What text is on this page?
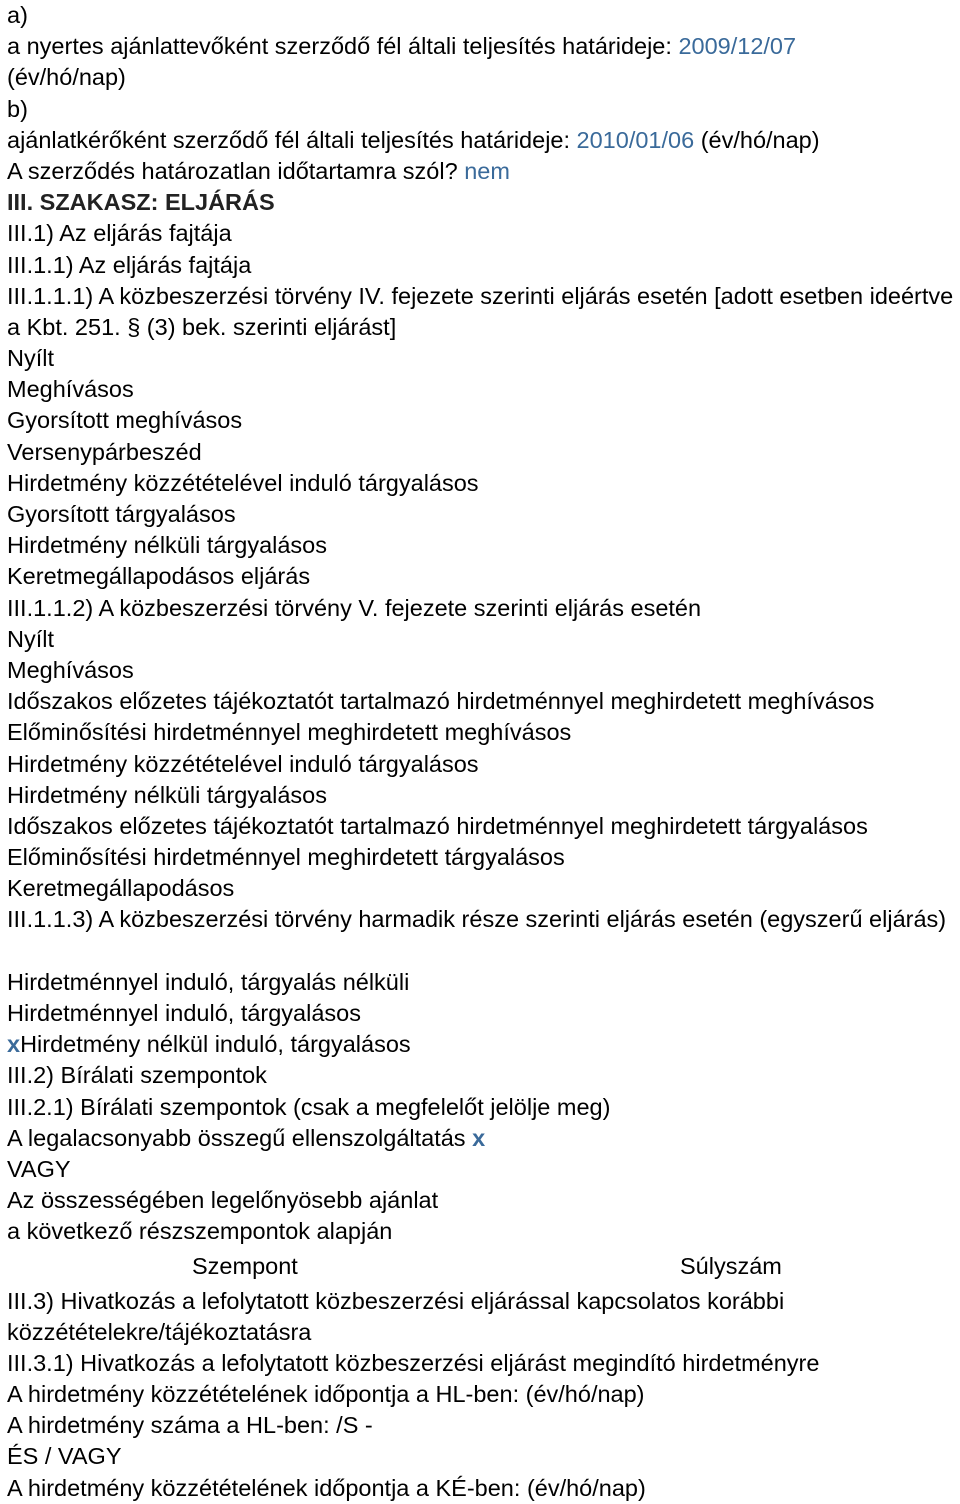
a)
a nyertes ajánlattevőként szerződő fél általi teljesítés határideje: 2009/12/07
(év/hó/nap)
b)
ajánlatkérőként szerződő fél általi teljesítés határideje: 2010/01/06 (év/hó/nap)
A szerződés határozatlan időtartamra szól? nem
III. SZAKASZ: ELJÁRÁS
III.1) Az eljárás fajtája
III.1.1) Az eljárás fajtája
III.1.1.1) A közbeszerzési törvény IV. fejezete szerinti eljárás esetén [adott esetben ideértve a Kbt. 251. § (3) bek. szerinti eljárást]
Nyílt
Meghívásos
Gyorsított meghívásos
Versenypárbeszéd
Hirdetmény közzétételével induló tárgyalásos
Gyorsított tárgyalásos
Hirdetmény nélküli tárgyalásos
Keretmegállapodásos eljárás
III.1.1.2) A közbeszerzési törvény V. fejezete szerinti eljárás esetén
Nyílt
Meghívásos
Időszakos előzetes tájékoztatót tartalmazó hirdetménnyel meghirdetett meghívásos
Előminősítési hirdetménnyel meghirdetett meghívásos
Hirdetmény közzétételével induló tárgyalásos
Hirdetmény nélküli tárgyalásos
Időszakos előzetes tájékoztatót tartalmazó hirdetménnyel meghirdetett tárgyalásos
Előminősítési hirdetménnyel meghirdetett tárgyalásos
Keretmegállapodásos
III.1.1.3) A közbeszerzési törvény harmadik része szerinti eljárás esetén (egyszerű eljárás)
Hirdetménnyel induló, tárgyalás nélküli
Hirdetménnyel induló, tárgyalásos
xHirdetmény nélkül induló, tárgyalásos
III.2) Bírálati szempontok
III.2.1) Bírálati szempontok (csak a megfelelőt jelölje meg)
A legalacsonyabb összegű ellenszolgáltatás x
VAGY
Az összességében legelőnyösebb ajánlat
a következő részszempontok alapján
Szempont	Súlyszám
III.3) Hivatkozás a lefolytatott közbeszerzési eljárással kapcsolatos korábbi közzétételekre/tájékoztatásra
III.3.1) Hivatkozás a lefolytatott közbeszerzési eljárást megindító hirdetményre
A hirdetmény közzétételének időpontja a HL-ben: (év/hó/nap)
A hirdetmény száma a HL-ben: /S -
ÉS / VAGY
A hirdetmény közzétételének időpontja a KÉ-ben: (év/hó/nap)
